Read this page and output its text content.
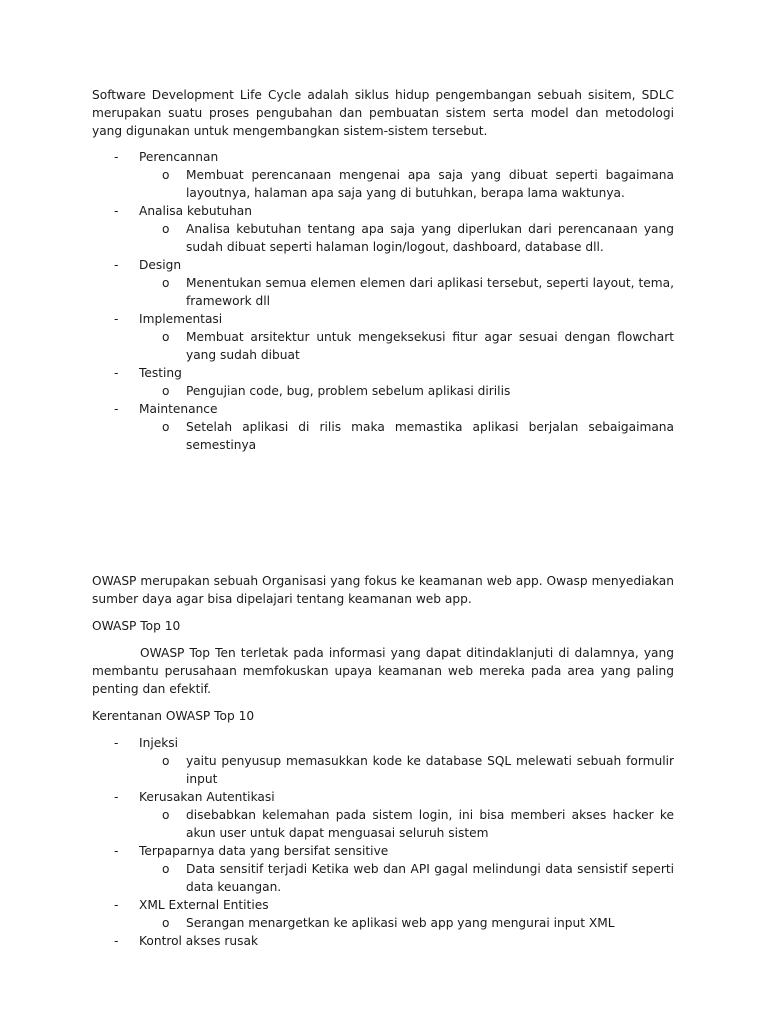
Software Development Life Cycle adalah siklus hidup pengembangan sebuah sisitem, SDLC merupakan suatu proses pengubahan dan pembuatan sistem serta model dan metodologi yang digunakan untuk mengembangkan sistem-sistem tersebut.

- Perencannan
o Membuat perencanaan mengenai apa saja yang dibuat seperti bagaimana layoutnya, halaman apa saja yang di butuhkan, berapa lama waktunya.
- Analisa kebutuhan
o Analisa kebutuhan tentang apa saja yang diperlukan dari perencanaan yang sudah dibuat seperti halaman login/logout, dashboard, database dll.
- Design
o Menentukan semua elemen elemen dari aplikasi tersebut, seperti layout, tema, framework dll
- Implementasi
o Membuat arsitektur untuk mengeksekusi fitur agar sesuai dengan flowchart yang sudah dibuat
- Testing
o Pengujian code, bug, problem sebelum aplikasi dirilis
- Maintenance
o Setelah aplikasi di rilis maka memastika aplikasi berjalan sebaigaimana semestinya

OWASP merupakan sebuah Organisasi yang fokus ke keamanan web app. Owasp menyediakan sumber daya agar bisa dipelajari tentang keamanan web app.

OWASP Top 10

OWASP Top Ten terletak pada informasi yang dapat ditindaklanjuti di dalamnya, yang membantu perusahaan memfokuskan upaya keamanan web mereka pada area yang paling penting dan efektif.

Kerentanan OWASP Top 10

- Injeksi
o yaitu penyusup memasukkan kode ke database SQL melewati sebuah formulir input
- Kerusakan Autentikasi
o disebabkan kelemahan pada sistem login, ini bisa memberi akses hacker ke akun user untuk dapat menguasai seluruh sistem
- Terpaparnya data yang bersifat sensitive
o Data sensitif terjadi Ketika web dan API gagal melindungi data sensistif seperti data keuangan.
- XML External Entities
o Serangan menargetkan ke aplikasi web app yang mengurai input XML
- Kontrol akses rusak
